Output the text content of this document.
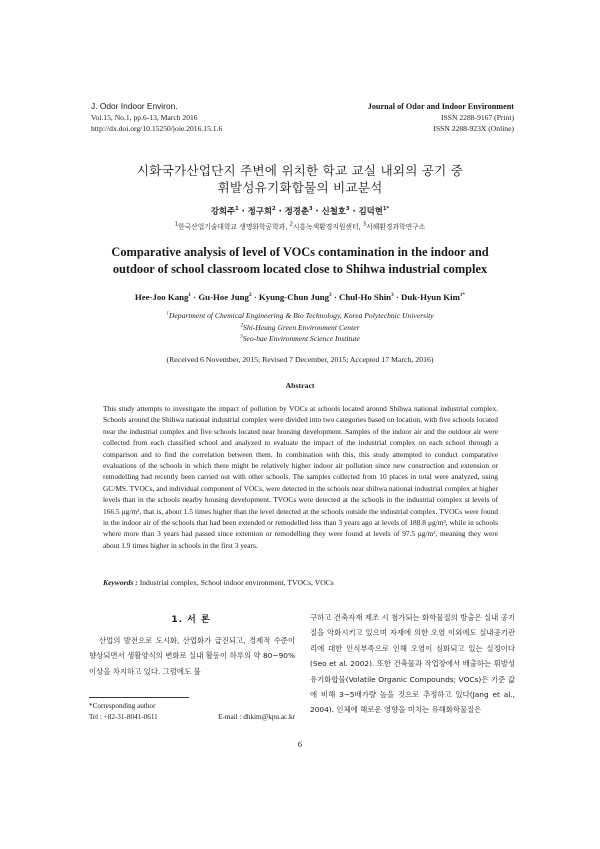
J. Odor Indoor Environ.
Vol.15, No.1, pp.6-13, March 2016
http://dx.doi.org/10.15250/joie.2016.15.1.6
Journal of Odor and Indoor Environment
ISSN 2288-9167 (Print)
ISSN 2288-923X (Online)
시화국가산업단지 주변에 위치한 학교 교실 내외의 공기 중
휘발성유기화합물의 비교분석
강희주$^1$ · 정구희$^2$ · 정경춘$^3$ · 신철호$^3$ · 김덕현$^{1*}$
$^1$한국산업기술대학교 생명화학공학과, $^2$시흥녹색환경지원센터, $^3$서해환경과학연구소
Comparative analysis of level of VOCs contamination in the indoor and
outdoor of school classroom located close to Shihwa industrial complex
Hee-Joo Kang$^1$ · Gu-Hoe Jung$^2$ · Kyung-Chun Jung$^3$ · Chul-Ho Shin$^3$ · Duk-Hyun Kim$^{1*}$
$^1$Department of Chemical Engineering & Bio Technology, Korea Polytechnic University
$^2$Shi-Heung Green Environment Center
$^3$Seo-hae Environment Science Institute
(Received 6 November, 2015; Revised 7 December, 2015; Accepted 17 March, 2016)
Abstract
This study attempts to investigate the impact of pollution by VOCs at schools located around Shihwa national industrial complex. Schools around the Shihwa national industrial complex were divided into two categories based on location, with five schools located near the industrial complex and five schools located near housing development. Samples of the indoor air and the outdoor air were collected from each classified school and analyzed to evaluate the impact of the industrial complex on each school through a comparison and to find the correlation between them. In combination with this, this study attempted to conduct comparative evaluations of the schools in which there might be relatively higher indoor air pollution since new construction and extension or remodelling had recently been carried out with other schools. The samples collected from 10 places in total were analyzed, using GC/MS. TVOCs, and individual component of VOCs, were detected in the schools near shihwa national industrial complex at higher levels than in the schools nearby housing development. TVOCs were detected at the schools in the industrial complex st levels of 166.5 μg/m³, that is, about 1.5 times higher than the level detected at the schools outside the industrial complex. TVOCs were found in the indoor air of the schools that had been extended or remodelled less than 3 years ago at levels of 188.8 μg/m³, while in schools where more than 3 years had passed since extention or remodelling they were found at levels of 97.5 μg/m³, meaning they were about 1.9 times higher in schools in the first 3 years.
Keywords : Industrial complex, School indoor environment, TVOCs, VOCs
1. 서 론

산업의 발전으로 도시화, 산업화가 급진되고, 경제적 수준이 향상되면서 생활양식의 변화로 실내 활동이 하루의 약 80~90% 이상을 차지하고 있다. 그럼에도 불

*Corresponding author
Tel : +82-31-8041-0611	E-mail : dhkim@kpu.ac.kr

구하고 건축자재 제조 시 첨가되는 화학물질의 방출은 실내 공기 질을 악화시키고 있으며 자재에 의한 오염 이외에도 실내공기관리에 대한 인식부족으로 인해 오염이 심화되고 있는 실정이다(Seo et al. 2002). 또한 건축물과 작업장에서 배출하는 휘발성유기화합물(Volatile Organic Compounds; VOCs)은 기준 값에 비해 3~5배가량 높을 것으로 추정하고 있다(Jang et al., 2004). 인체에 해로운 영향을 미치는 유해화학물질은

6
